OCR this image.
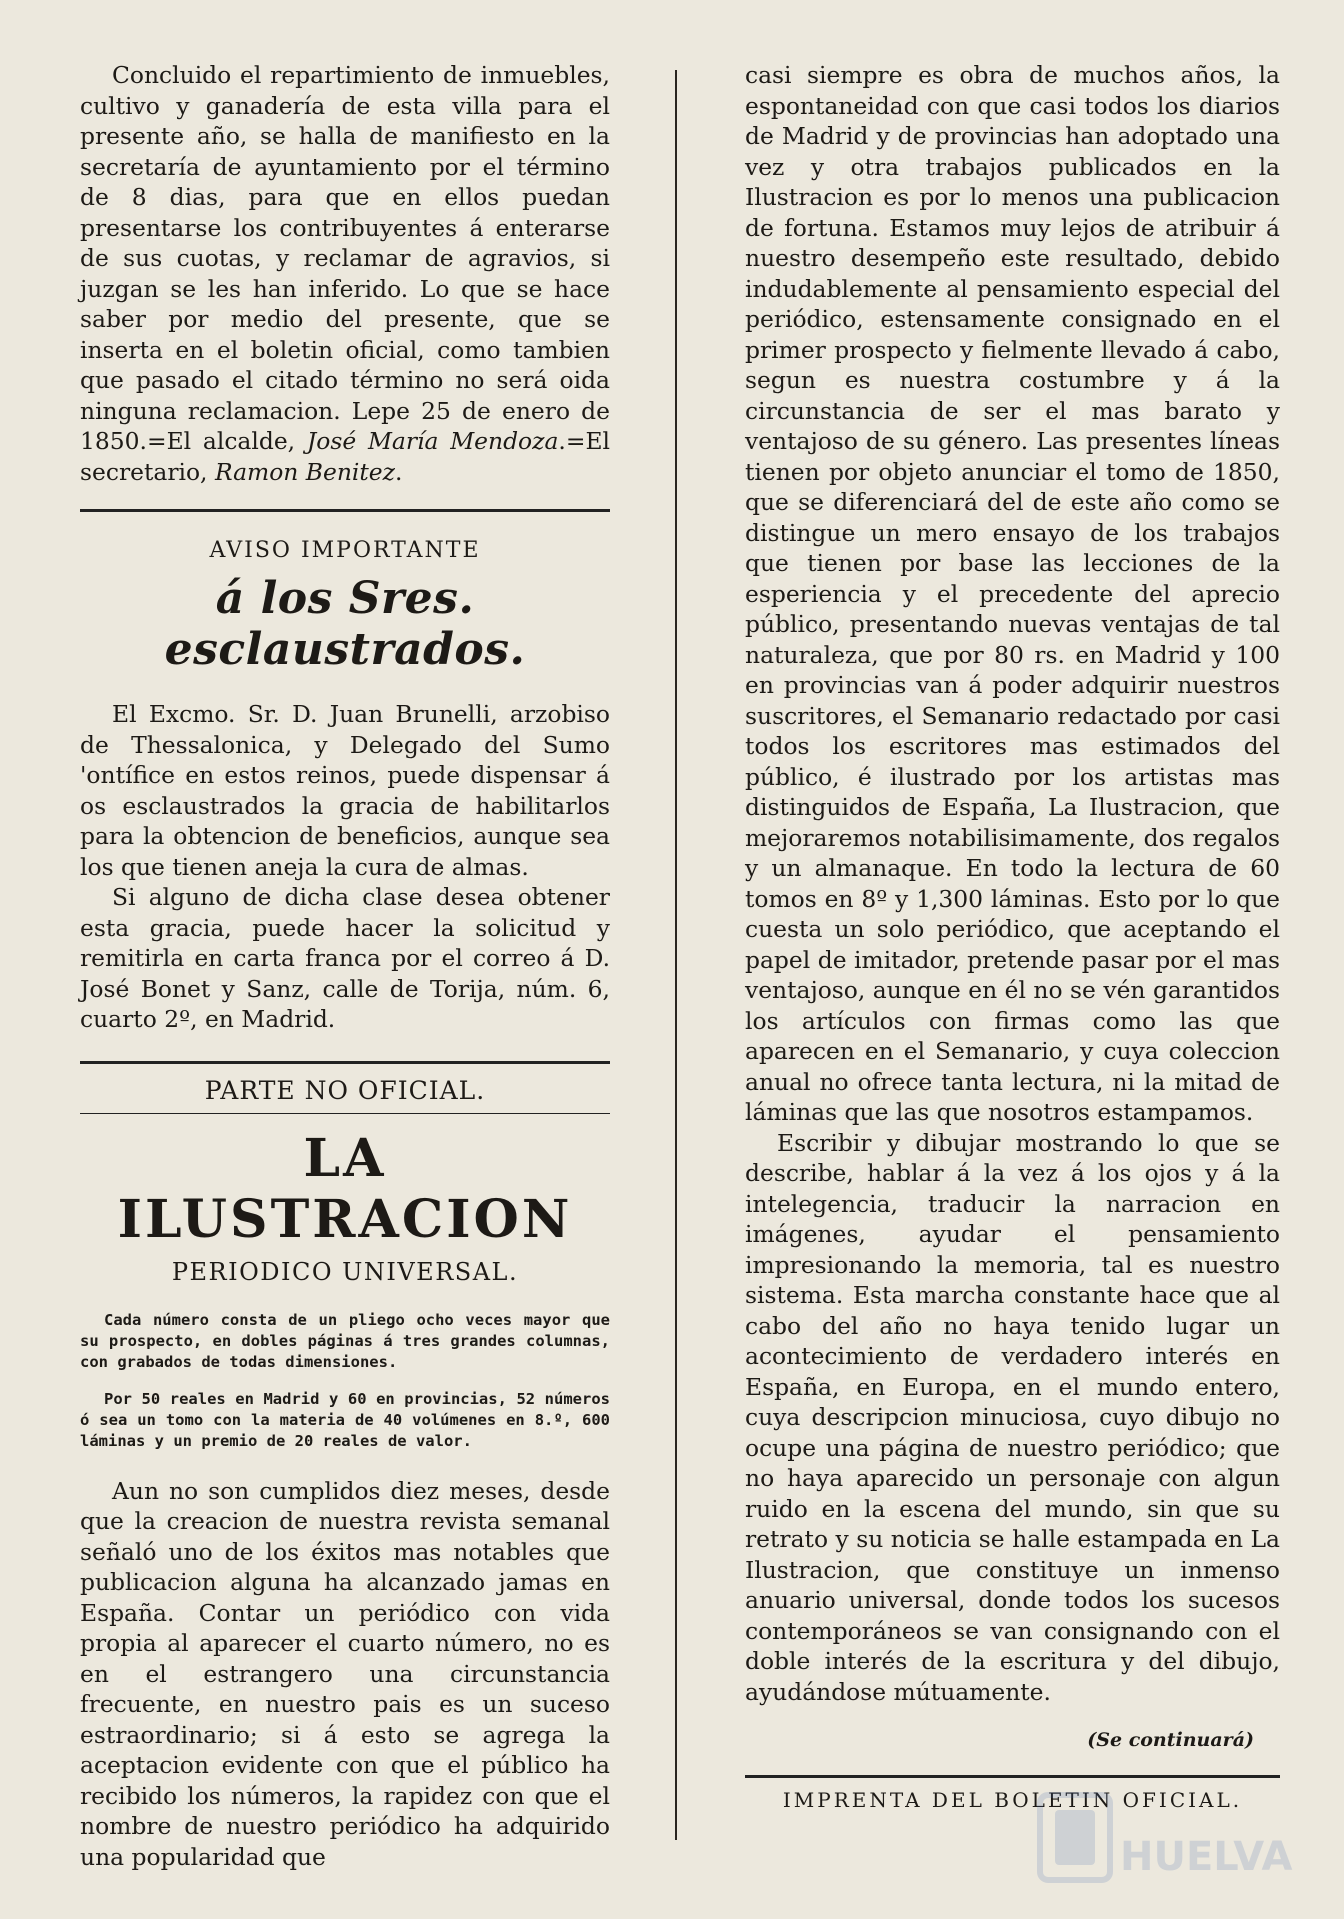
Concluido el repartimiento de inmuebles, cultivo y ganadería de esta villa para el presente año, se halla de manifiesto en la secretaría de ayuntamiento por el término de 8 dias, para que en ellos puedan presentarse los contribuyentes á enterarse de sus cuotas, y reclamar de agravios, si juzgan se les han inferido. Lo que se hace saber por medio del presente, que se inserta en el boletin oficial, como tambien que pasado el citado término no será oida ninguna reclamacion. Lepe 25 de enero de 1850.=El alcalde, José María Mendoza.=El secretario, Ramon Benitez.

AVISO IMPORTANTE
á los Sres. esclaustrados.

El Excmo. Sr. D. Juan Brunelli, arzobiso de Thessalonica, y Delegado del Sumo 'ontífice en estos reinos, puede dispensar á os esclaustrados la gracia de habilitarlos para la obtencion de beneficios, aunque sea los que tienen aneja la cura de almas.

Si alguno de dicha clase desea obtener esta gracia, puede hacer la solicitud y remitirla en carta franca por el correo á D. José Bonet y Sanz, calle de Torija, núm. 6, cuarto 2º, en Madrid.

PARTE NO OFICIAL.
LA ILUSTRACION
PERIODICO UNIVERSAL.

Cada número consta de un pliego ocho veces mayor que su prospecto, en dobles páginas á tres grandes columnas, con grabados de todas dimensiones.

Por 50 reales en Madrid y 60 en provincias, 52 números ó sea un tomo con la materia de 40 volúmenes en 8.º, 600 láminas y un premio de 20 reales de valor.

Aun no son cumplidos diez meses, desde que la creacion de nuestra revista semanal señaló uno de los éxitos mas notables que publicacion alguna ha alcanzado jamas en España. Contar un periódico con vida propia al aparecer el cuarto número, no es en el estrangero una circunstancia frecuente, en nuestro pais es un suceso estraordinario; si á esto se agrega la aceptacion evidente con que el público ha recibido los números, la rapidez con que el nombre de nuestro periódico ha adquirido una popularidad que

casi siempre es obra de muchos años, la espontaneidad con que casi todos los diarios de Madrid y de provincias han adoptado una vez y otra trabajos publicados en la Ilustracion es por lo menos una publicacion de fortuna. Estamos muy lejos de atribuir á nuestro desempeño este resultado, debido indudablemente al pensamiento especial del periódico, estensamente consignado en el primer prospecto y fielmente llevado á cabo, segun es nuestra costumbre y á la circunstancia de ser el mas barato y ventajoso de su género. Las presentes líneas tienen por objeto anunciar el tomo de 1850, que se diferenciará del de este año como se distingue un mero ensayo de los trabajos que tienen por base las lecciones de la esperiencia y el precedente del aprecio público, presentando nuevas ventajas de tal naturaleza, que por 80 rs. en Madrid y 100 en provincias van á poder adquirir nuestros suscritores, el Semanario redactado por casi todos los escritores mas estimados del público, é ilustrado por los artistas mas distinguidos de España, La Ilustracion, que mejoraremos notabilisimamente, dos regalos y un almanaque. En todo la lectura de 60 tomos en 8º y 1,300 láminas. Esto por lo que cuesta un solo periódico, que aceptando el papel de imitador, pretende pasar por el mas ventajoso, aunque en él no se vén garantidos los artículos con firmas como las que aparecen en el Semanario, y cuya coleccion anual no ofrece tanta lectura, ni la mitad de láminas que las que nosotros estampamos.

Escribir y dibujar mostrando lo que se describe, hablar á la vez á los ojos y á la intelegencia, traducir la narracion en imágenes, ayudar el pensamiento impresionando la memoria, tal es nuestro sistema. Esta marcha constante hace que al cabo del año no haya tenido lugar un acontecimiento de verdadero interés en España, en Europa, en el mundo entero, cuya descripcion minuciosa, cuyo dibujo no ocupe una página de nuestro periódico; que no haya aparecido un personaje con algun ruido en la escena del mundo, sin que su retrato y su noticia se halle estampada en La Ilustracion, que constituye un inmenso anuario universal, donde todos los sucesos contemporáneos se van consignando con el doble interés de la escritura y del dibujo, ayudándose mútuamente.

(Se continuará)
IMPRENTA DEL BOLETIN OFICIAL.
HUELVA
